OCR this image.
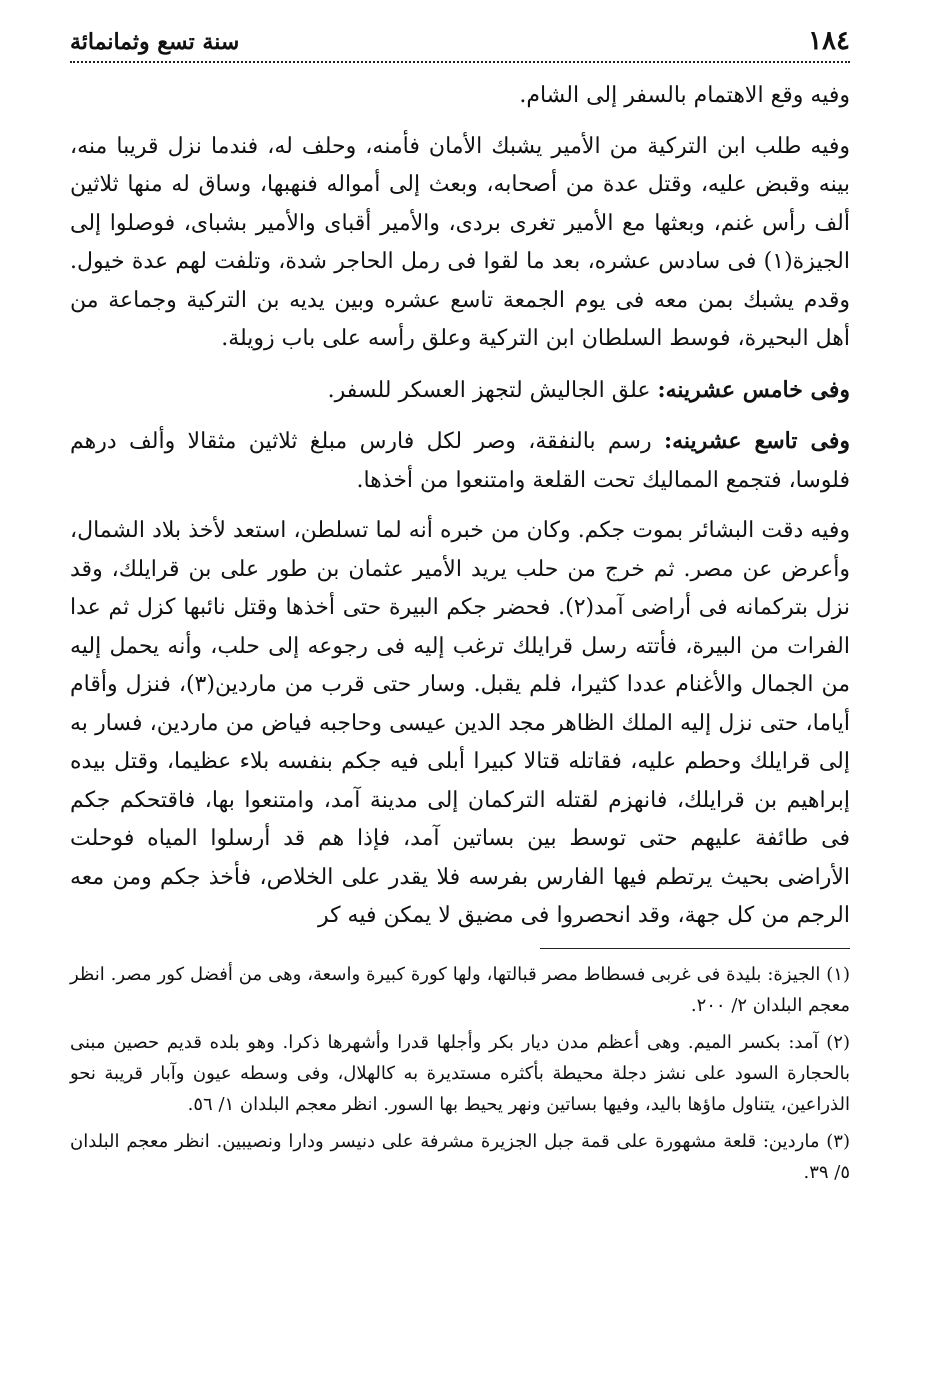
١٨٤
سنة تسع وثمانمائة

وفيه وقع الاهتمام بالسفر إلى الشام.

وفيه طلب ابن التركية من الأمير يشبك الأمان فأمنه، وحلف له، فندما نزل قريبا منه، بينه وقبض عليه، وقتل عدة من أصحابه، وبعث إلى أمواله فنهبها، وساق له منها ثلاثين ألف رأس غنم، وبعثها مع الأمير تغرى بردى، والأمير أقباى والأمير بشباى، فوصلوا إلى الجيزة(١) فى سادس عشره، بعد ما لقوا فى رمل الحاجر شدة، وتلفت لهم عدة خيول. وقدم يشبك بمن معه فى يوم الجمعة تاسع عشره وبين يديه بن التركية وجماعة من أهل البحيرة، فوسط السلطان ابن التركية وعلق رأسه على باب زويلة.

وفى خامس عشرينه: علق الجاليش لتجهز العسكر للسفر.

وفى تاسع عشرينه: رسم بالنفقة، وصر لكل فارس مبلغ ثلاثين مثقالا وألف درهم فلوسا، فتجمع المماليك تحت القلعة وامتنعوا من أخذها.

وفيه دقت البشائر بموت جكم. وكان من خبره أنه لما تسلطن، استعد لأخذ بلاد الشمال، وأعرض عن مصر. ثم خرج من حلب يريد الأمير عثمان بن طور على بن قرايلك، وقد نزل بتركمانه فى أراضى آمد(٢). فحضر جكم البيرة حتى أخذها وقتل نائبها كزل ثم عدا الفرات من البيرة، فأتته رسل قرايلك ترغب إليه فى رجوعه إلى حلب، وأنه يحمل إليه من الجمال والأغنام عددا كثيرا، فلم يقبل. وسار حتى قرب من ماردين(٣)، فنزل وأقام أياما، حتى نزل إليه الملك الظاهر مجد الدين عيسى وحاجبه فياض من ماردين، فسار به إلى قرايلك وحطم عليه، فقاتله قتالا كبيرا أبلى فيه جكم بنفسه بلاء عظيما، وقتل بيده إبراهيم بن قرايلك، فانهزم لقتله التركمان إلى مدينة آمد، وامتنعوا بها، فاقتحكم جكم فى طائفة عليهم حتى توسط بين بساتين آمد، فإذا هم قد أرسلوا المياه فوحلت الأراضى بحيث يرتطم فيها الفارس بفرسه فلا يقدر على الخلاص، فأخذ جكم ومن معه الرجم من كل جهة، وقد انحصروا فى مضيق لا يمكن فيه كر

(١) الجيزة: بليدة فى غربى فسطاط مصر قبالتها، ولها كورة كبيرة واسعة، وهى من أفضل كور مصر. انظر معجم البلدان ٢/ ٢٠٠.

(٢) آمد: بكسر الميم. وهى أعظم مدن ديار بكر وأجلها قدرا وأشهرها ذكرا. وهو بلده قديم حصين مبنى بالحجارة السود على نشز دجلة محيطة بأكثره مستديرة به كالهلال، وفى وسطه عيون وآبار قريبة نحو الذراعين، يتناول ماؤها باليد، وفيها بساتين ونهر يحيط بها السور. انظر معجم البلدان ١/ ٥٦.

(٣) ماردين: قلعة مشهورة على قمة جبل الجزيرة مشرفة على دنيسر ودارا ونصيبين. انظر معجم البلدان ٥/ ٣٩.
